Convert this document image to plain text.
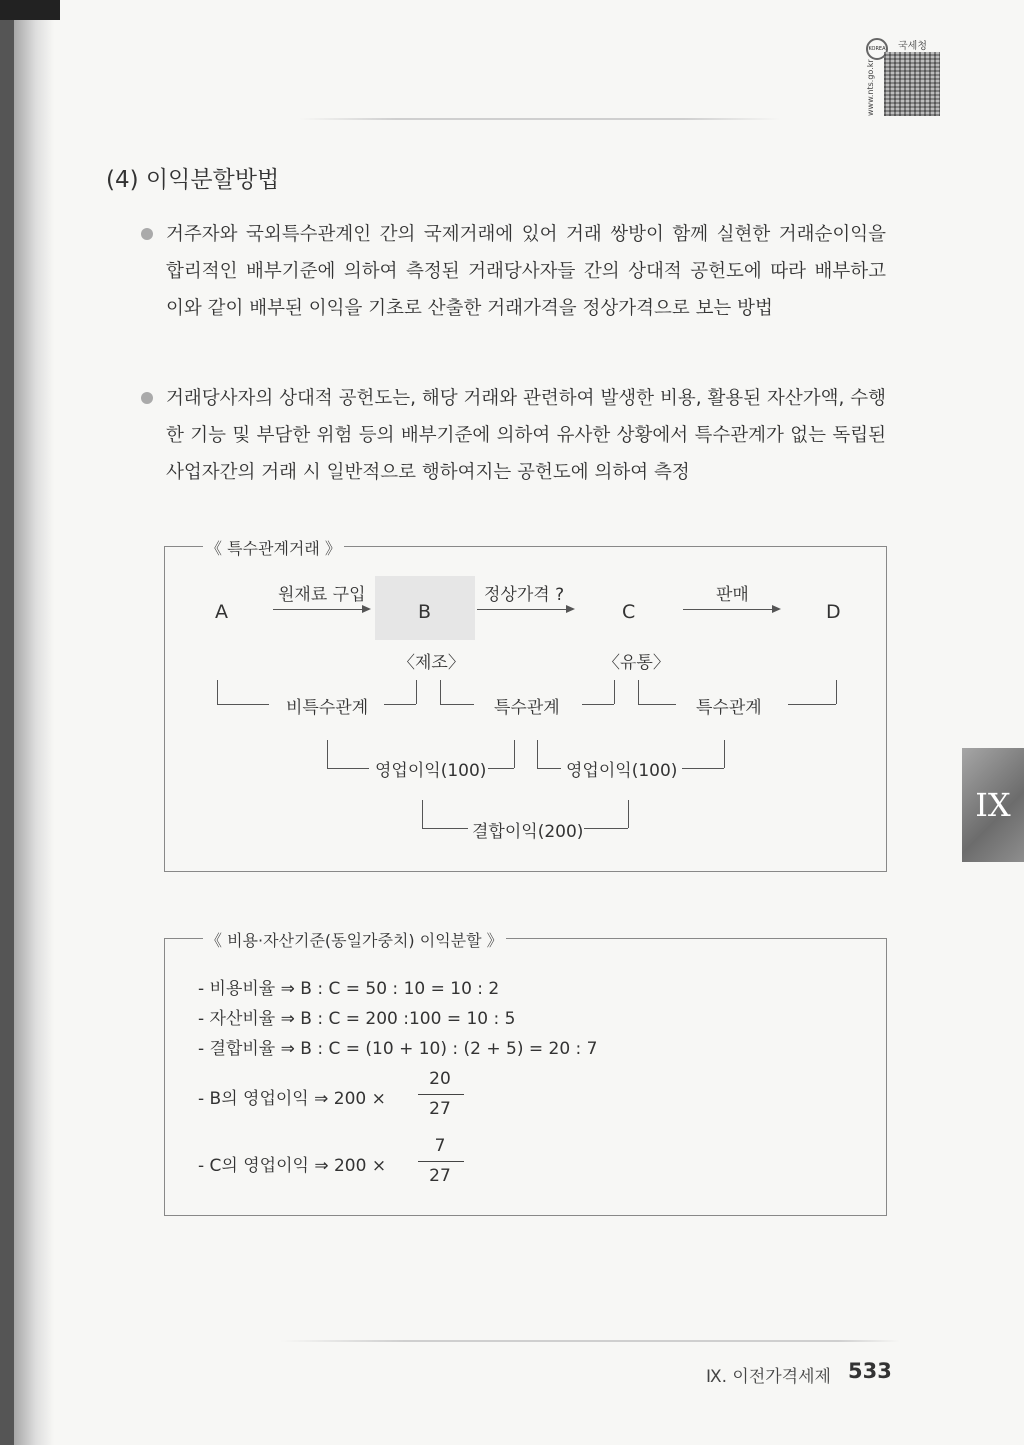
www.nts.go.kr
KOREA 국세청
(4) 이익분할방법

거주자와 국외특수관계인 간의 국제거래에 있어 거래 쌍방이 함께 실현한 거래순이익을 합리적인 배부기준에 의하여 측정된 거래당사자들 간의 상대적 공헌도에 따라 배부하고 이와 같이 배부된 이익을 기초로 산출한 거래가격을 정상가격으로 보는 방법

거래당사자의 상대적 공헌도는, 해당 거래와 관련하여 발생한 비용, 활용된 자산가액, 수행한 기능 및 부담한 위험 등의 배부기준에 의하여 유사한 상황에서 특수관계가 없는 독립된 사업자간의 거래 시 일반적으로 행하여지는 공헌도에 의하여 측정

《 특수관계거래 》
A	B	C	D
원재료 구입	정상가격 ?	판매
〈제조〉	〈유통〉
비특수관계	특수관계	특수관계
영업이익(100)	영업이익(100)
결합이익(200)
《 비용·자산기준(동일가중치) 이익분할 》
- 비용비율 ⇒ B : C = 50 : 10 = 10 : 2
- 자산비율 ⇒ B : C = 200 :100 = 10 : 5
- 결합비율 ⇒ B : C = (10 + 10) : (2 + 5) = 20 : 7
- B의 영업이익 ⇒ 200 ×
20
27
- C의 영업이익 ⇒ 200 ×
7
27
IX
Ⅸ. 이전가격세제 533
